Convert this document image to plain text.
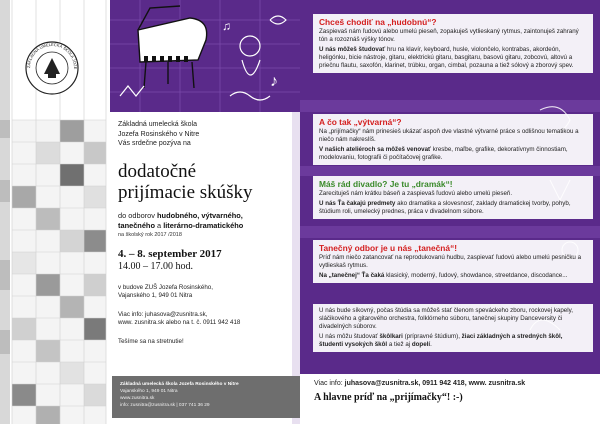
♪
♫
ZÁKLADNÁ UMELECKÁ ŠKOLA JOZE
Základná umelecká škola
Jozefa Rosinského v Nitre
Vás srdečne pozýva na
dodatočné
prijímacie skúšky
do odborov hudobného, výtvarného,
tanečného a literárno-dramatického
na školský rok 2017 /2018
4. – 8. september 2017
14.00 – 17.00 hod.
v budove ZUŠ Jozefa Rosinského,
Vajanského 1, 949 01 Nitra
Viac info: juhasova@zusnitra.sk,
www. zusnitra.sk alebo na t. č. 0911 942 418
Tešíme sa na stretnutie!
Základná umelecká škola Jozefa Rosinského v Nitre
Vajanského 1, 949 01 Nitra
www.zusnitra.sk
info: zusnitra@zusnitra.sk | 037 741 36 29
Chceš chodiť na „hudobnú“?

Zaspievaš nám ľudovú alebo umelú pieseň, zopakuješ vytlieskaný rytmus, zaintonuješ zahraný tón a rozoznáš výšky tónov.

U nás môžeš študovať hru na klavír, keyboard, husle, violončelo, kontrabas, akordeón, heligónku, bicie nástroje, gitaru, elektrickú gitaru, basgitaru, basovú gitaru, zobcovú, altovú a priečnu flautu, saxofón, klarinet, trúbku, organ, cimbal, pozauna a tiež sólový a zborový spev.

A čo tak „výtvarná“?

Na „prijímačky“ nám prinesieš ukázať aspoň dve vlastné výtvarné práce s odlišnou tematikou a niečo nám nakreslíš.

V našich ateliéroch sa môžeš venovať kresbe, maľbe, grafike, dekoratívnym činnostiam, modelovaniu, fotografii či počítačovej grafike.

Máš rád divadlo? Je tu „dramák“!

Zarecituješ nám krátku báseň a zaspievaš ľudovú alebo umelú pieseň.

U nás Ťa čakajú predmety ako dramatika a slovesnosť, zaklady dramatickej tvorby, pohyb, štúdium roli, umelecký prednes, práca v divadelnom súbore.

Tanečný odbor je u nás „tanečná“!

Príď nám niečo zatancovať na reprodukovanú hudbu, zaspievať ľudovú alebo umelú pesničku a vytlieskaš rytmus.

Na „tanečnej“ Ťa čaká klasický, moderný, ľudový, showdance, streetdance, discodance...

U nás bude síkovný, počas štúdia sa môžeš stať členom speváckeho zboru, rockovej kapely, sláčikového a gitarového orchestra, folklórneho súboru, tanečnej skupiny Danceversity či divadelných súborov.

U nás môžu študovať škôlkari (prípravné štúdium), žiaci základných a stredných škôl, študenti vysokých škôl a tiež aj dopelí.

Viac info: juhasova@zusnitra.sk, 0911 942 418, www. zusnitra.sk
A hlavne príď na „prijímačky“! :-)
